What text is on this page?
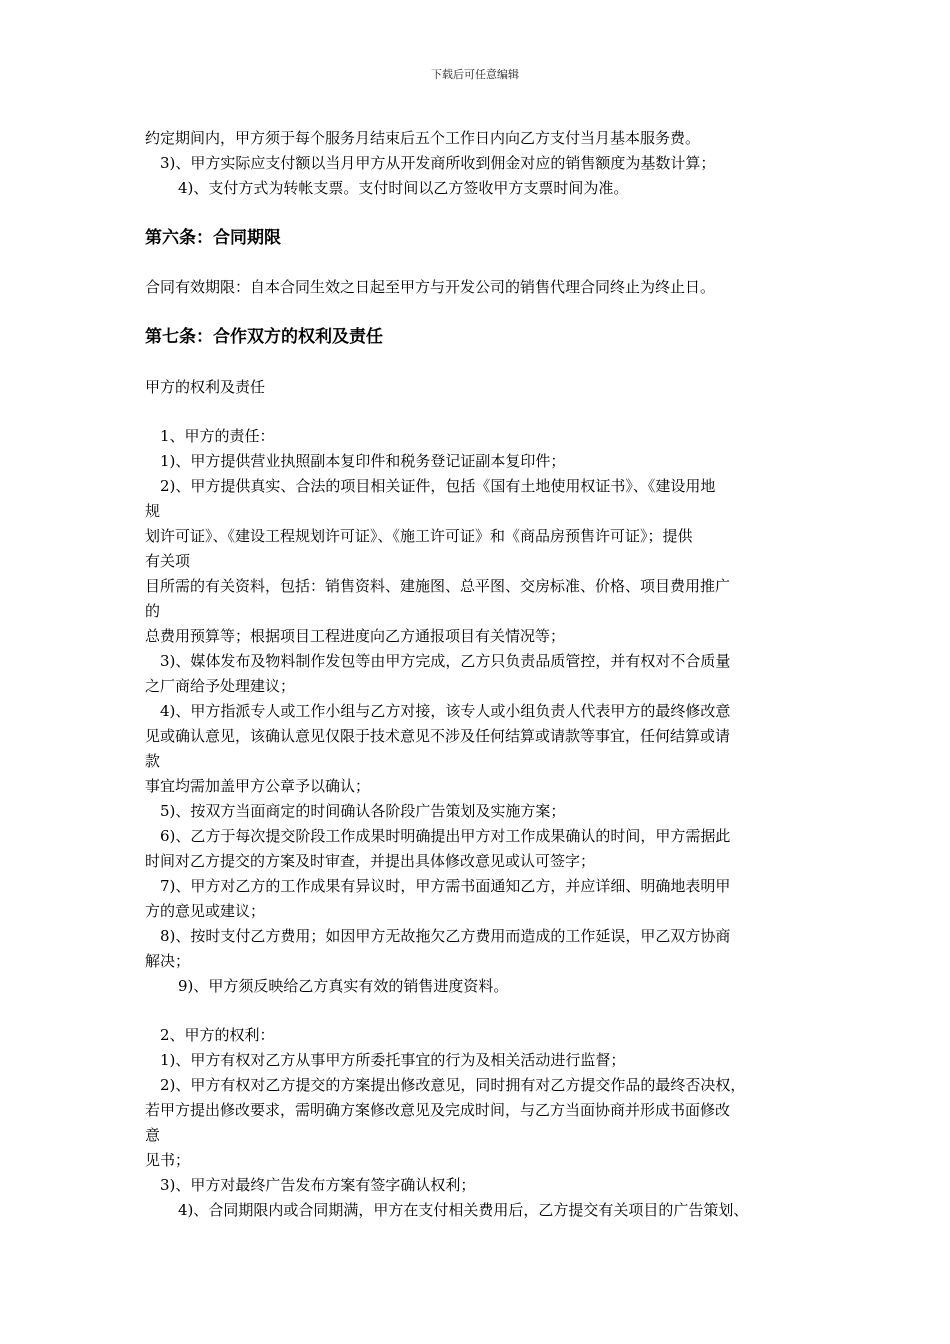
下载后可任意编辑
约定期间内，甲方须于每个服务月结束后五个工作日内向乙方支付当月基本服务费。
3)、甲方实际应支付额以当月甲方从开发商所收到佣金对应的销售额度为基数计算；
4)、支付方式为转帐支票。支付时间以乙方签收甲方支票时间为准。
第六条：合同期限
合同有效期限：自本合同生效之日起至甲方与开发公司的销售代理合同终止为终止日。
第七条：合作双方的权利及责任
甲方的权利及责任
1、甲方的责任：
1)、甲方提供营业执照副本复印件和税务登记证副本复印件；
2)、甲方提供真实、合法的项目相关证件，包括《国有土地使用权证书》、《建设用地
规
划许可证》、《建设工程规划许可证》、《施工许可证》和《商品房预售许可证》；提供
有关项
目所需的有关资料，包括：销售资料、建施图、总平图、交房标准、价格、项目费用推广
的
总费用预算等；根据项目工程进度向乙方通报项目有关情况等；
3)、媒体发布及物料制作发包等由甲方完成，乙方只负责品质管控，并有权对不合质量
之厂商给予处理建议；
4)、甲方指派专人或工作小组与乙方对接，该专人或小组负责人代表甲方的最终修改意
见或确认意见，该确认意见仅限于技术意见不涉及任何结算或请款等事宜，任何结算或请
款
事宜均需加盖甲方公章予以确认；
5)、按双方当面商定的时间确认各阶段广告策划及实施方案；
6)、乙方于每次提交阶段工作成果时明确提出甲方对工作成果确认的时间，甲方需据此
时间对乙方提交的方案及时审查，并提出具体修改意见或认可签字；
7)、甲方对乙方的工作成果有异议时，甲方需书面通知乙方，并应详细、明确地表明甲
方的意见或建议；
8)、按时支付乙方费用；如因甲方无故拖欠乙方费用而造成的工作延误，甲乙双方协商
解决；
9)、甲方须反映给乙方真实有效的销售进度资料。
2、甲方的权利：
1)、甲方有权对乙方从事甲方所委托事宜的行为及相关活动进行监督；
2)、甲方有权对乙方提交的方案提出修改意见，同时拥有对乙方提交作品的最终否决权，
若甲方提出修改要求，需明确方案修改意见及完成时间，与乙方当面协商并形成书面修改
意
见书；
3)、甲方对最终广告发布方案有签字确认权利；
4)、合同期限内或合同期满，甲方在支付相关费用后，乙方提交有关项目的广告策划、
